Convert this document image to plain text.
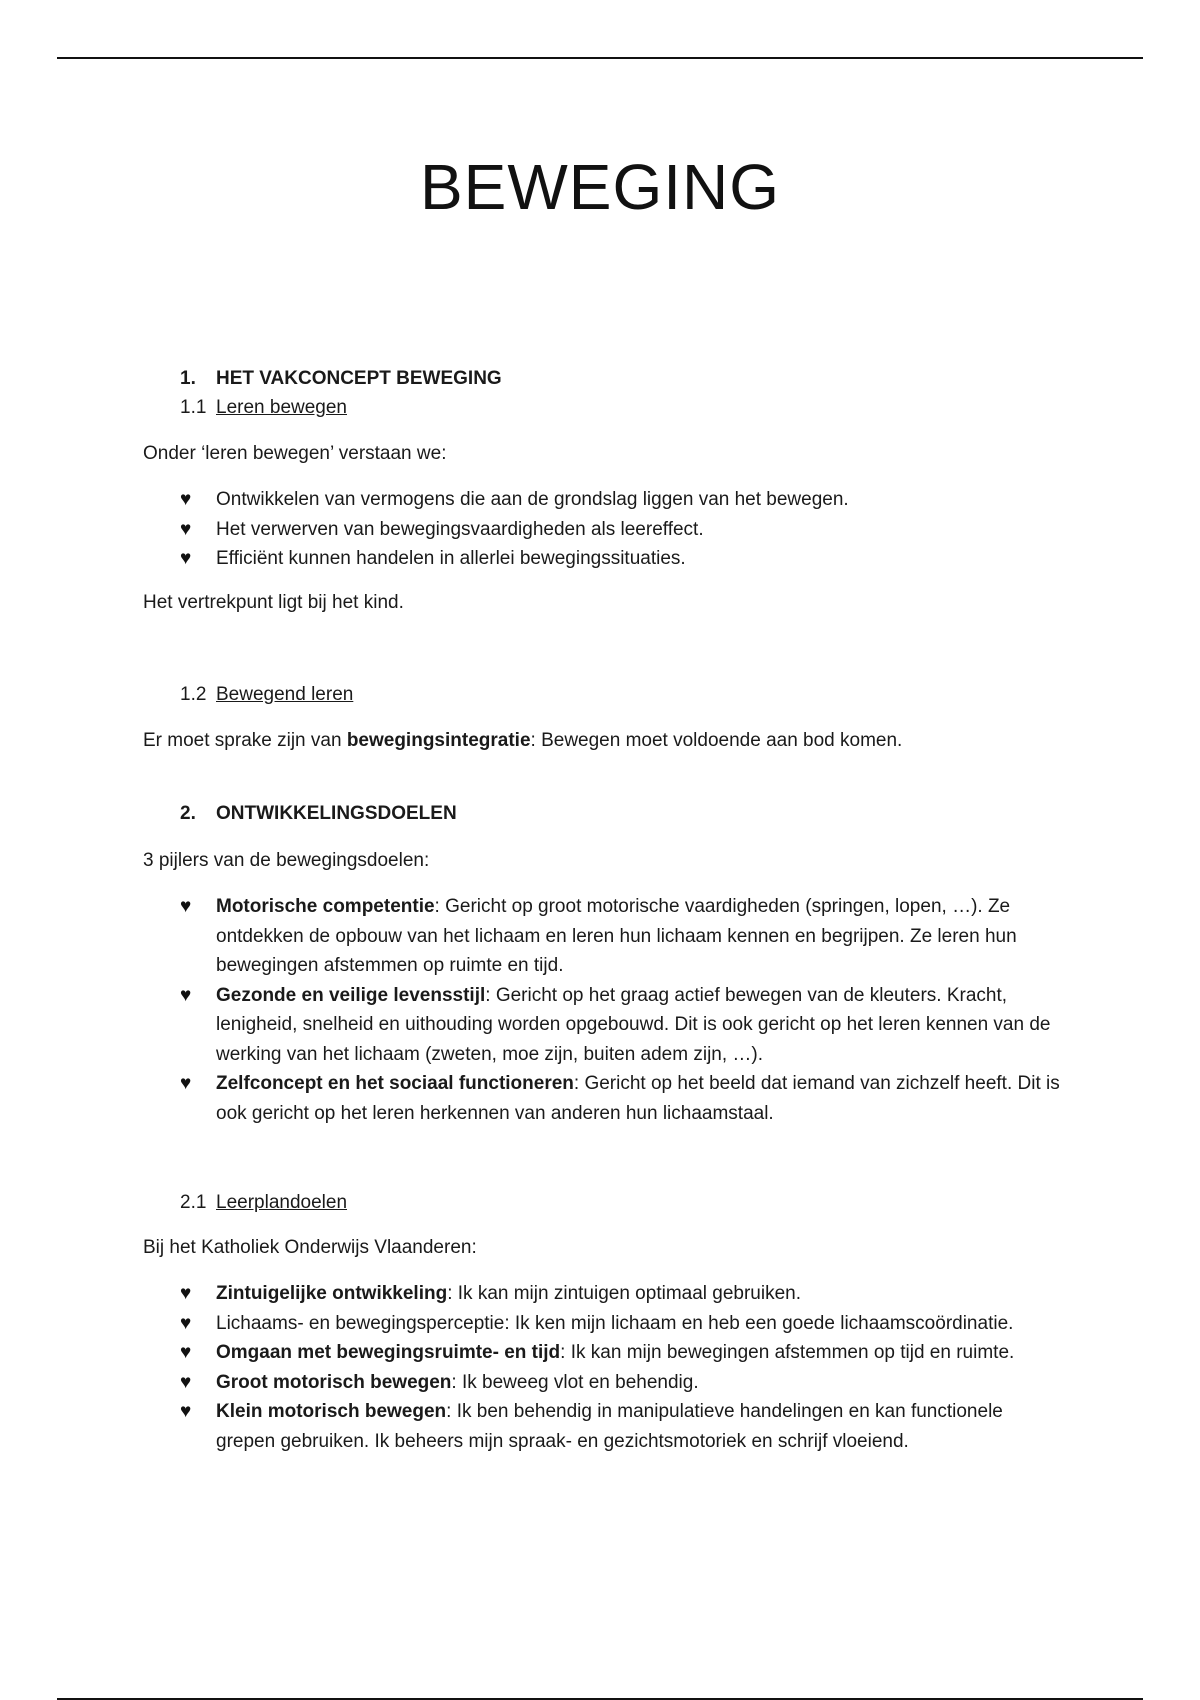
BEWEGING
1. HET VAKCONCEPT BEWEGING
1.1 Leren bewegen
Onder ‘leren bewegen’ verstaan we:
♥ Ontwikkelen van vermogens die aan de grondslag liggen van het bewegen.
♥ Het verwerven van bewegingsvaardigheden als leereffect.
♥ Efficiënt kunnen handelen in allerlei bewegingssituaties.
Het vertrekpunt ligt bij het kind.
1.2 Bewegend leren
Er moet sprake zijn van bewegingsintegratie: Bewegen moet voldoende aan bod komen.
2. ONTWIKKELINGSDOELEN
3 pijlers van de bewegingsdoelen:
♥ Motorische competentie: Gericht op groot motorische vaardigheden (springen, lopen, …). Ze ontdekken de opbouw van het lichaam en leren hun lichaam kennen en begrijpen. Ze leren hun bewegingen afstemmen op ruimte en tijd.
♥ Gezonde en veilige levensstijl: Gericht op het graag actief bewegen van de kleuters. Kracht, lenigheid, snelheid en uithouding worden opgebouwd. Dit is ook gericht op het leren kennen van de werking van het lichaam (zweten, moe zijn, buiten adem zijn, …).
♥ Zelfconcept en het sociaal functioneren: Gericht op het beeld dat iemand van zichzelf heeft. Dit is ook gericht op het leren herkennen van anderen hun lichaamstaal.
2.1 Leerplandoelen
Bij het Katholiek Onderwijs Vlaanderen:
♥ Zintuigelijke ontwikkeling: Ik kan mijn zintuigen optimaal gebruiken.
♥ Lichaams- en bewegingsperceptie: Ik ken mijn lichaam en heb een goede lichaamscoördinatie.
♥ Omgaan met bewegingsruimte- en tijd: Ik kan mijn bewegingen afstemmen op tijd en ruimte.
♥ Groot motorisch bewegen: Ik beweeg vlot en behendig.
♥ Klein motorisch bewegen: Ik ben behendig in manipulatieve handelingen en kan functionele grepen gebruiken. Ik beheers mijn spraak- en gezichtsmotoriek en schrijf vloeiend.
